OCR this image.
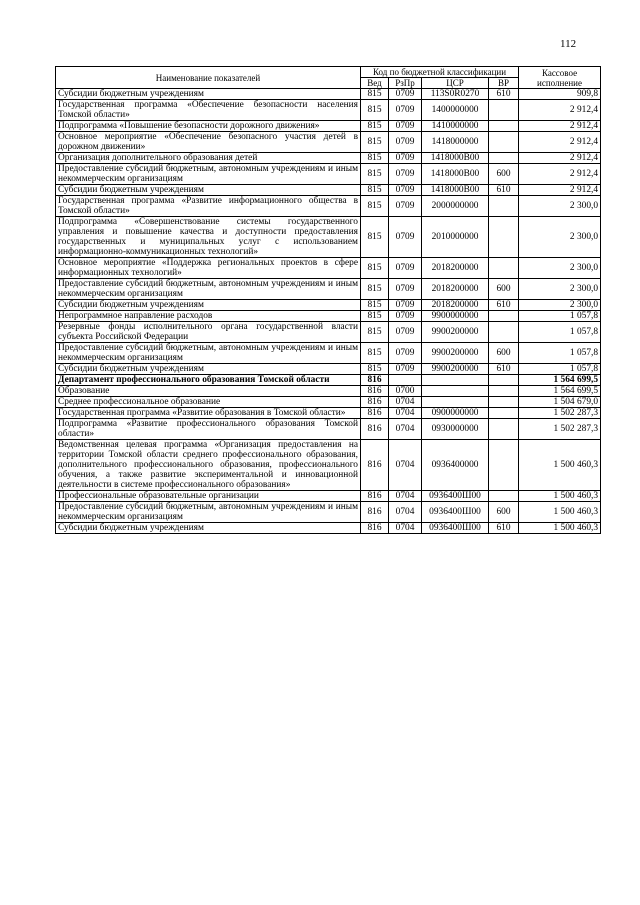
112
Наименование показателей	Код по бюджетной классификации				Кассовое исполнение
	Вед	РзПр	ЦСР	ВР	
Субсидии бюджетным учреждениям	815	0709	113S0R0270	610	909,8
Государственная программа «Обеспечение безопасности населения Томской области»	815	0709	1400000000		2 912,4
Подпрограмма «Повышение безопасности дорожного движения»	815	0709	1410000000		2 912,4
Основное мероприятие «Обеспечение безопасного участия детей в дорожном движении»	815	0709	1418000000		2 912,4
Организация дополнительного образования детей	815	0709	1418000В00		2 912,4
Предоставление субсидий бюджетным, автономным учреждениям и иным некоммерческим организациям	815	0709	1418000В00	600	2 912,4
Субсидии бюджетным учреждениям	815	0709	1418000В00	610	2 912,4
Государственная программа «Развитие информационного общества в Томской области»	815	0709	2000000000		2 300,0
Подпрограмма «Совершенствование системы государственного управления и повышение качества и доступности предоставления государственных и муниципальных услуг с использованием информационно-коммуникационных технологий»	815	0709	2010000000		2 300,0
Основное мероприятие «Поддержка региональных проектов в сфере информационных технологий»	815	0709	2018200000		2 300,0
Предоставление субсидий бюджетным, автономным учреждениям и иным некоммерческим организациям	815	0709	2018200000	600	2 300,0
Субсидии бюджетным учреждениям	815	0709	2018200000	610	2 300,0
Непрограммное направление расходов	815	0709	9900000000		1 057,8
Резервные фонды исполнительного органа государственной власти субъекта Российской Федерации	815	0709	9900200000		1 057,8
Предоставление субсидий бюджетным, автономным учреждениям и иным некоммерческим организациям	815	0709	9900200000	600	1 057,8
Субсидии бюджетным учреждениям	815	0709	9900200000	610	1 057,8
Департамент профессионального образования Томской области	816				1 564 699,5
Образование	816	0700			1 564 699,5
Среднее профессиональное образование	816	0704			1 504 679,0
Государственная программа «Развитие образования в Томской области»	816	0704	0900000000		1 502 287,3
Подпрограмма «Развитие профессионального образования Томской области»	816	0704	0930000000		1 502 287,3
Ведомственная целевая программа «Организация предоставления на территории Томской области среднего профессионального образования, дополнительного профессионального образования, профессионального обучения, а также развитие экспериментальной и инновационной деятельности в системе профессионального образования»	816	0704	0936400000		1 500 460,3
Профессиональные образовательные организации	816	0704	0936400Ш00		1 500 460,3
Предоставление субсидий бюджетным, автономным учреждениям и иным некоммерческим организациям	816	0704	0936400Ш00	600	1 500 460,3
Субсидии бюджетным учреждениям	816	0704	0936400Ш00	610	1 500 460,3
